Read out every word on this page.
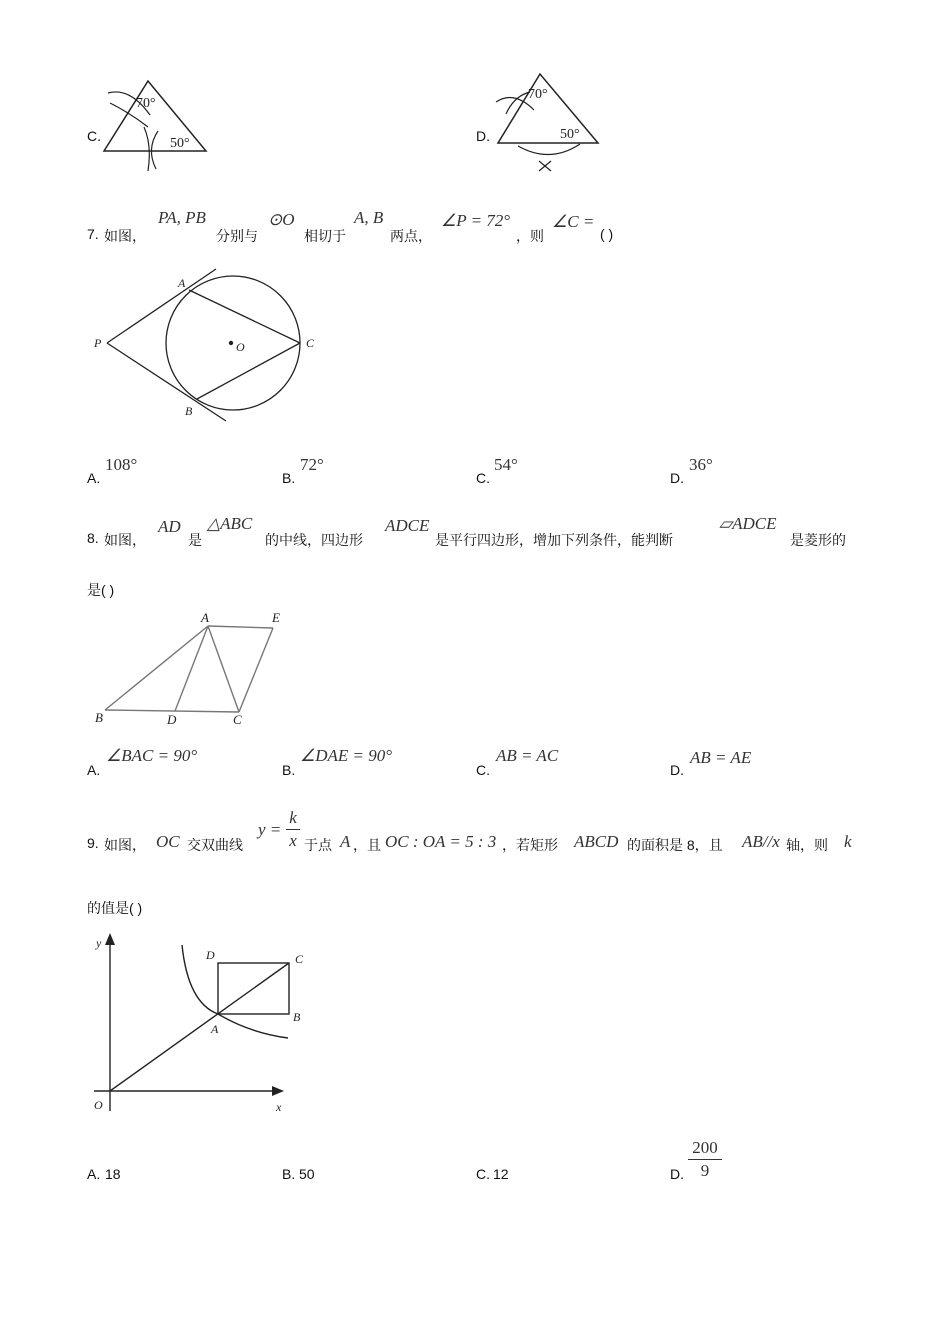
C.
70°
50°	D.
70°
50°
7. 如图，
PA, PB
分别与
⊙O
相切于
A, B
两点，
∠P = 72°
，则
∠C =
( )
P
A
B
C
O
A.
108°
B.
72°
C.
54°
D.
36°
8. 如图，
AD
是
△ABC
的中线，四边形
ADCE
是平行四边形，增加下列条件，能判断
▱ADCE
是菱形的
是( )
A	E
B	D	C
A.
∠BAC = 90°
B.
∠DAE = 90°
C.
AB = AC
D.
AB = AE
9. 如图， OC 交双曲线
y =
k
x 于点 A ，且 OC : OA = 5 : 3 ，若矩形 ABCD 的面积是 8，且 AB//x 轴，则 k
的值是( )
y
x
O
A
B
C
D
A. 18	B. 50	C. 12	D.
200
9
